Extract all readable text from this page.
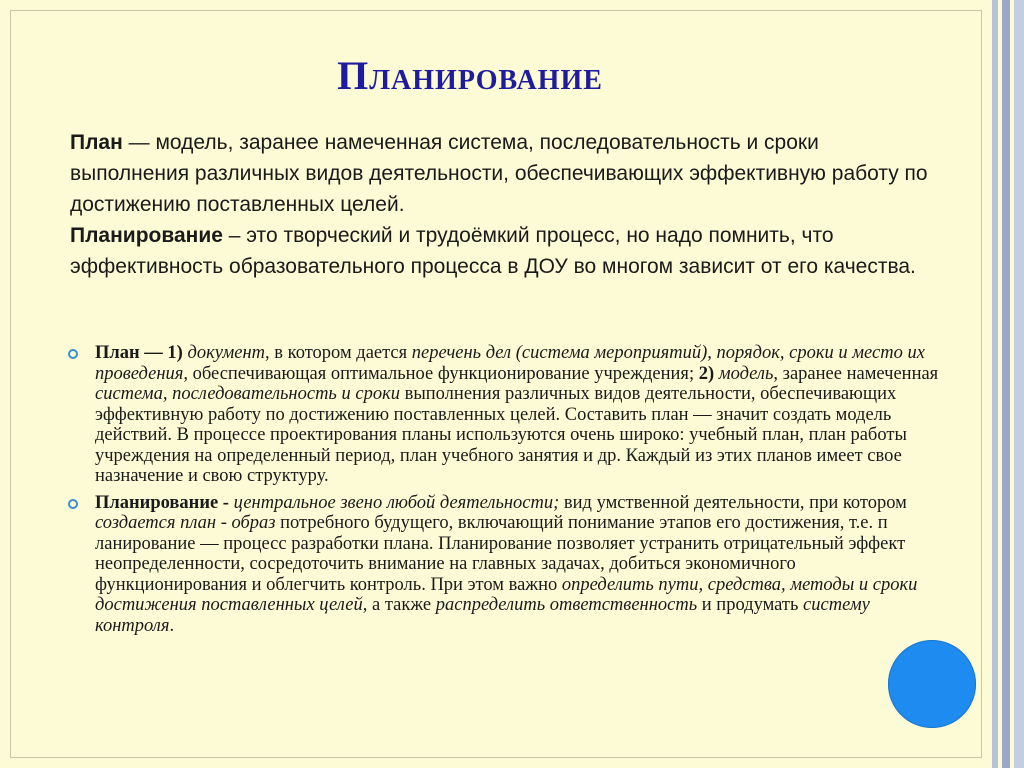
Планирование
План — модель, заранее намеченная система, последовательность и сроки выполнения различных видов деятельности, обеспечивающих эффективную работу по достижению поставленных целей.
Планирование – это творческий и трудоёмкий процесс, но надо помнить, что эффективность образовательного процесса в ДОУ во многом зависит от его качества.
План — 1) документ, в котором дается перечень дел (система мероприятий), порядок, сроки и место их проведения, обеспечивающая оптимальное функционирование учреждения; 2) модель, заранее намеченная система, последовательность и сроки выполнения различных видов деятельности, обеспечивающих эффективную работу по достижению поставленных целей. Составить план — значит создать модель действий. В процессе проектирования планы используются очень широко: учебный план, план работы учреждения на определенный период, план учебного занятия и др. Каждый из этих планов имеет свое назначение и свою структуру.
Планирование - центральное звено любой деятельности; вид умственной деятельности, при котором создается план - образ потребного будущего, включающий понимание этапов его достижения, т.е. п ланирование — процесс разработки плана. Планирование позволяет устранить отрицательный эффект неопределенности, сосредоточить внимание на главных задачах, добиться экономичного функционирования и облегчить контроль. При этом важно определить пути, средства, методы и сроки достижения поставленных целей, а также распределить ответственность и продумать систему контроля.
